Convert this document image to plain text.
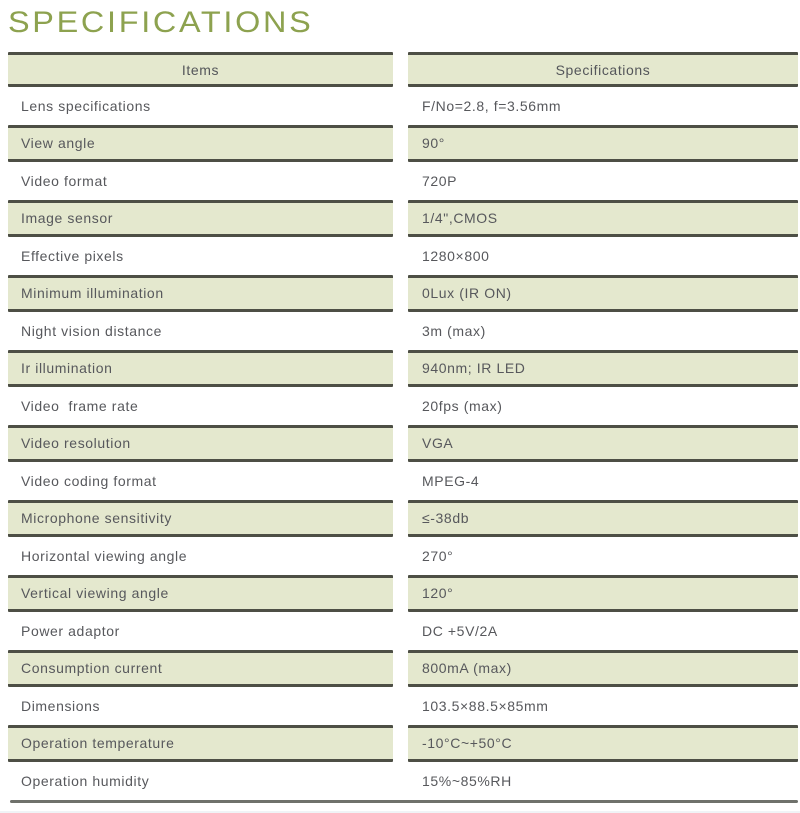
SPECIFICATIONS
Items	Specifications
Lens specifications	F/No=2.8, f=3.56mm
View angle	90°
Video format	720P
Image sensor	1/4",CMOS
Effective pixels	1280×800
Minimum illumination	0Lux (IR ON)
Night vision distance	3m (max)
Ir illumination	940nm; IR LED
Video  frame rate	20fps (max)
Video resolution	VGA
Video coding format	MPEG-4
Microphone sensitivity	≤-38db
Horizontal viewing angle	270°
Vertical viewing angle	120°
Power adaptor	DC +5V/2A
Consumption current	800mA (max)
Dimensions	103.5×88.5×85mm
Operation temperature	-10°C~+50°C
Operation humidity	15%~85%RH
